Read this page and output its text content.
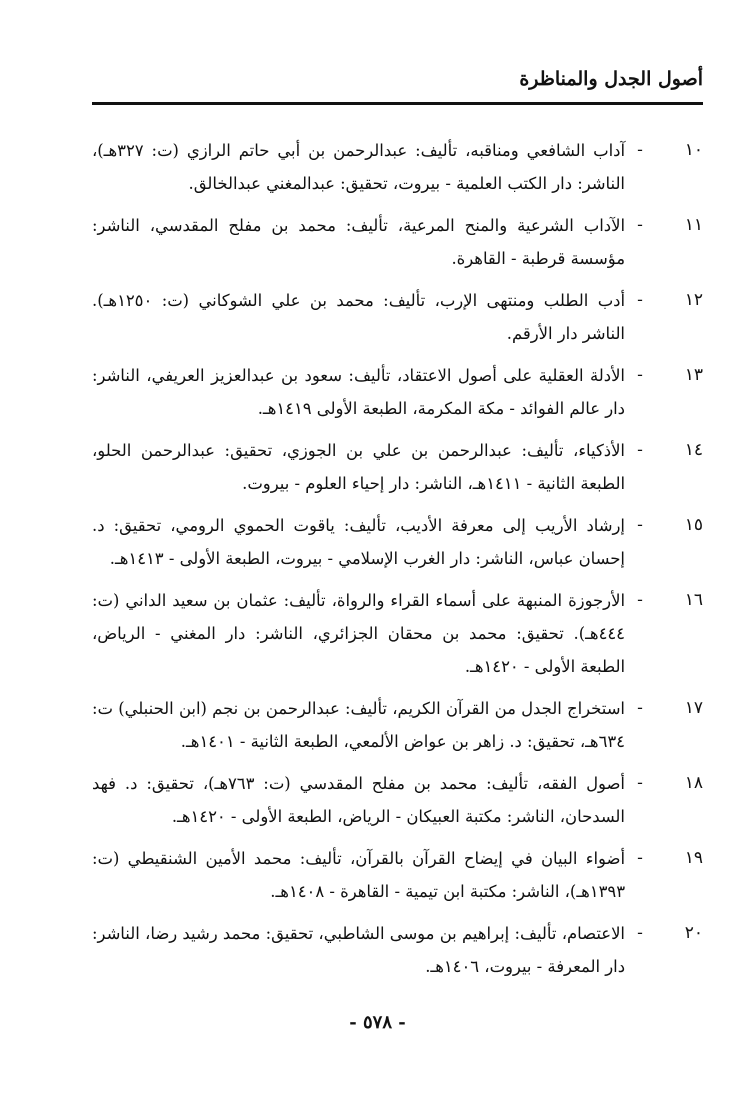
أصول الجدل والمناظرة
١٠
-
آداب الشافعي ومناقبه، تأليف: عبدالرحمن بن أبي حاتم الرازي (ت: ٣٢٧هـ)، الناشر: دار الكتب العلمية - بيروت، تحقيق: عبدالمغني عبدالخالق.
١١
-
الآداب الشرعية والمنح المرعية، تأليف: محمد بن مفلح المقدسي، الناشر: مؤسسة قرطبة - القاهرة.
١٢
-
أدب الطلب ومنتهى الإرب، تأليف: محمد بن علي الشوكاني (ت: ١٢٥٠هـ). الناشر دار الأرقم.
١٣
-
الأدلة العقلية على أصول الاعتقاد، تأليف: سعود بن عبدالعزيز العريفي، الناشر: دار عالم الفوائد - مكة المكرمة، الطبعة الأولى ١٤١٩هـ.
١٤
-
الأذكياء، تأليف: عبدالرحمن بن علي بن الجوزي، تحقيق: عبدالرحمن الحلو، الطبعة الثانية - ١٤١١هـ، الناشر: دار إحياء العلوم - بيروت.
١٥
-
إرشاد الأريب إلى معرفة الأديب، تأليف: ياقوت الحموي الرومي، تحقيق: د. إحسان عباس، الناشر: دار الغرب الإسلامي - بيروت، الطبعة الأولى - ١٤١٣هـ.
١٦
-
الأرجوزة المنبهة على أسماء القراء والرواة، تأليف: عثمان بن سعيد الداني (ت: ٤٤٤هـ). تحقيق: محمد بن محقان الجزائري، الناشر: دار المغني - الرياض، الطبعة الأولى - ١٤٢٠هـ.
١٧
-
استخراج الجدل من القرآن الكريم، تأليف: عبدالرحمن بن نجم (ابن الحنبلي) ت: ٦٣٤هـ، تحقيق: د. زاهر بن عواض الألمعي، الطبعة الثانية - ١٤٠١هـ.
١٨
-
أصول الفقه، تأليف: محمد بن مفلح المقدسي (ت: ٧٦٣هـ)، تحقيق: د. فهد السدحان، الناشر: مكتبة العبيكان - الرياض، الطبعة الأولى - ١٤٢٠هـ.
١٩
-
أضواء البيان في إيضاح القرآن بالقرآن، تأليف: محمد الأمين الشنقيطي (ت: ١٣٩٣هـ)، الناشر: مكتبة ابن تيمية - القاهرة - ١٤٠٨هـ.
٢٠
-
الاعتصام، تأليف: إبراهيم بن موسى الشاطبي، تحقيق: محمد رشيد رضا، الناشر: دار المعرفة - بيروت، ١٤٠٦هـ.
- ٥٧٨ -
